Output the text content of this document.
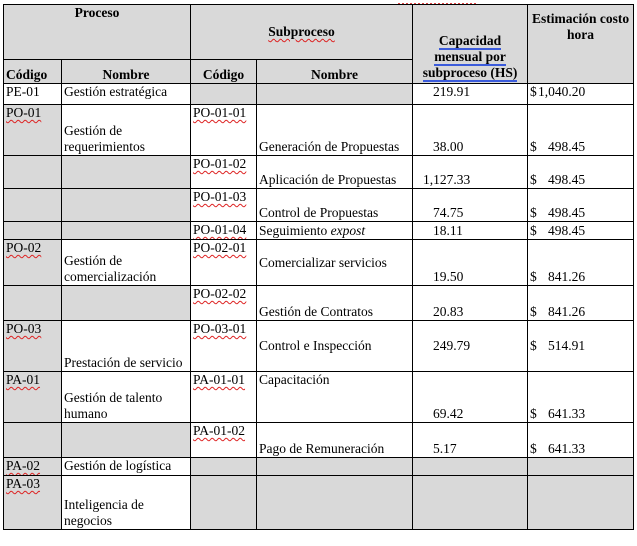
Proceso		Subproceso		Capacidad mensual por subproceso (HS)	Estimación costo hora
Código	Nombre	Código	Nombre		
PE-01	Gestión estratégica			219.91	$1,040.20
PO-01	Gestión de requerimientos	PO-01-01	Generación de Propuestas	38.00	$ 498.45
		PO-01-02	Aplicación de Propuestas	1,127.33	$ 498.45
		PO-01-03	Control de Propuestas	74.75	$ 498.45
		PO-01-04	Seguimiento expost	18.11	$ 498.45
PO-02	Gestión de comercialización	PO-02-01	Comercializar servicios	19.50	$ 841.26
		PO-02-02	Gestión de Contratos	20.83	$ 841.26
PO-03	Prestación de servicio	PO-03-01	Control e Inspección	249.79	$ 514.91
PA-01	Gestión de talento humano	PA-01-01	Capacitación	69.42	$ 641.33
		PA-01-02	Pago de Remuneración	5.17	$ 641.33
PA-02	Gestión de logística				
PA-03	Inteligencia de negocios				
